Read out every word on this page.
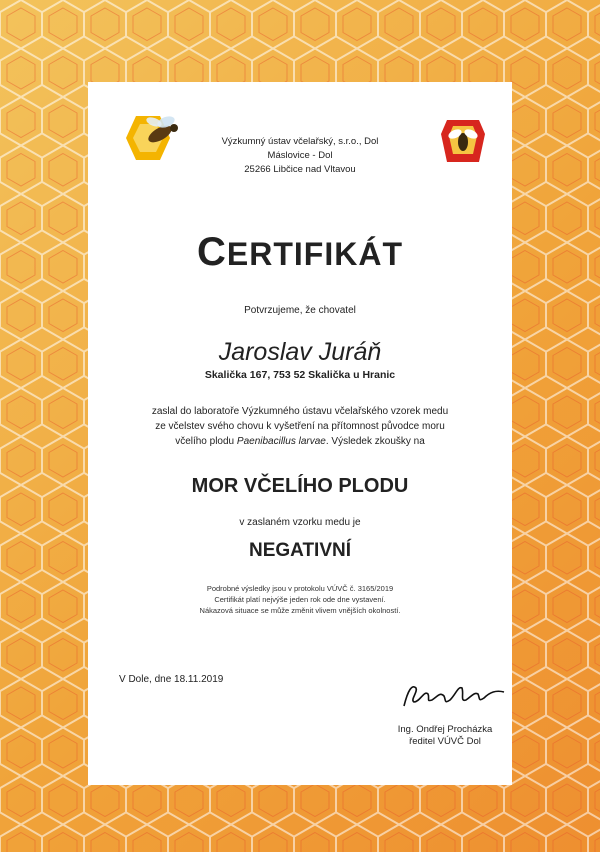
Výzkumný ústav včelařský, s.r.o., Dol
Máslovice - Dol
25266 Libčice nad Vltavou
CERTIFIKÁT
Potvrzujeme, že chovatel
Jaroslav Juráň
Skalička 167, 753 52 Skalička u Hranic
zaslal do laboratoře Výzkumného ústavu včelařského vzorek medu
ze včelstev svého chovu k vyšetření na přítomnost původce moru
včelího plodu Paenibacillus larvae. Výsledek zkoušky na
MOR VČELÍHO PLODU
v zaslaném vzorku medu je
NEGATIVNÍ
Podrobné výsledky jsou v protokolu VÚVČ č. 3165/2019
Certifikát platí nejvýše jeden rok ode dne vystavení.
Nákazová situace se může změnit vlivem vnějších okolností.
V Dole, dne 18.11.2019
Ing. Ondřej Procházka
ředitel VÚVČ Dol
